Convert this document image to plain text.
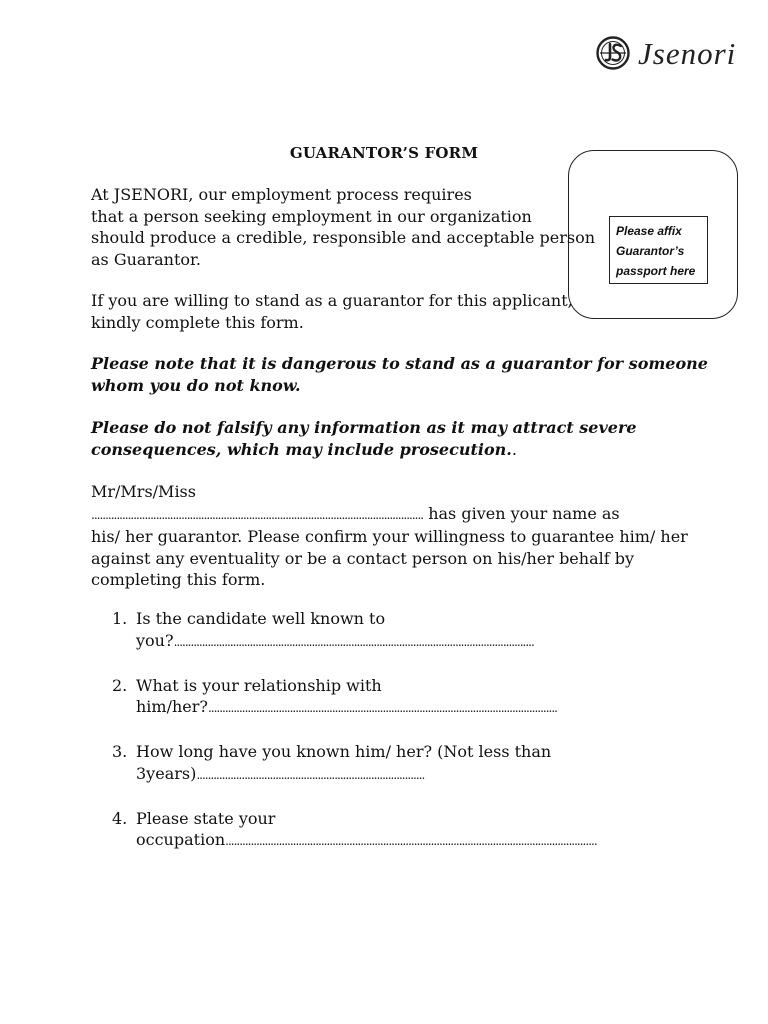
Jsenori
GUARANTOR’S FORM
Please affix
Guarantor’s
passport here
At JSENORI, our employment process requires
that a person seeking employment in our organization
should produce a credible, responsible and acceptable person
as Guarantor.
If you are willing to stand as a guarantor for this applicant,
kindly complete this form.
Please note that it is dangerous to stand as a guarantor for someone
whom you do not know.
Please do not falsify any information as it may attract severe
consequences, which may include prosecution..
Mr/Mrs/Miss
...................................................................................................................... has given your name as
his/ her guarantor. Please confirm your willingness to guarantee him/ her
against any eventuality or be a contact person on his/her behalf by
completing this form.
1. Is the candidate well known to
you?................................................................................................................................
2. What is your relationship with
him/her?............................................................................................................................
3. How long have you known him/ her? (Not less than
3years).................................................................................
4. Please state your
occupation....................................................................................................................................
